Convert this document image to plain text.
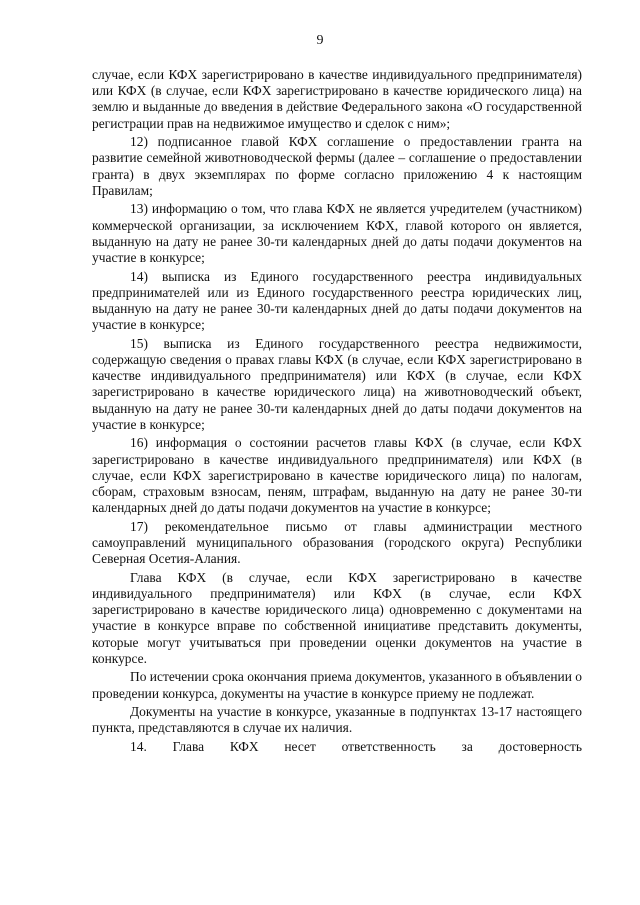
9

случае, если КФХ зарегистрировано в качестве индивидуального предпринимателя) или КФХ (в случае, если КФХ зарегистрировано в качестве юридического лица) на землю и выданные до введения в действие Федерального закона «О государственной регистрации прав на недвижимое имущество и сделок с ним»;

12) подписанное главой КФХ соглашение о предоставлении гранта на развитие семейной животноводческой фермы (далее – соглашение о предоставлении гранта) в двух экземплярах по форме согласно приложению 4 к настоящим Правилам;

13) информацию о том, что глава КФХ не является учредителем (участником) коммерческой организации, за исключением КФХ, главой которого он является, выданную на дату не ранее 30-ти календарных дней до даты подачи документов на участие в конкурсе;

14) выписка из Единого государственного реестра индивидуальных предпринимателей или из Единого государственного реестра юридических лиц, выданную на дату не ранее 30-ти календарных дней до даты подачи документов на участие в конкурсе;

15) выписка из Единого государственного реестра недвижимости, содержащую сведения о правах главы КФХ (в случае, если КФХ зарегистрировано в качестве индивидуального предпринимателя) или КФХ (в случае, если КФХ зарегистрировано в качестве юридического лица) на животноводческий объект, выданную на дату не ранее 30-ти календарных дней до даты подачи документов на участие в конкурсе;

16) информация о состоянии расчетов главы КФХ (в случае, если КФХ зарегистрировано в качестве индивидуального предпринимателя) или КФХ (в случае, если КФХ зарегистрировано в качестве юридического лица) по налогам, сборам, страховым взносам, пеням, штрафам, выданную на дату не ранее 30-ти календарных дней до даты подачи документов на участие в конкурсе;

17) рекомендательное письмо от главы администрации местного самоуправлений муниципального образования (городского округа) Республики Северная Осетия-Алания.

Глава КФХ (в случае, если КФХ зарегистрировано в качестве индивидуального предпринимателя) или КФХ (в случае, если КФХ зарегистрировано в качестве юридического лица) одновременно с документами на участие в конкурсе вправе по собственной инициативе представить документы, которые могут учитываться при проведении оценки документов на участие в конкурсе.

По истечении срока окончания приема документов, указанного в объявлении о проведении конкурса, документы на участие в конкурсе приему не подлежат.

Документы на участие в конкурсе, указанные в подпунктах 13-17 настоящего пункта, представляются в случае их наличия.

14. Глава КФХ несет ответственность за достоверность
